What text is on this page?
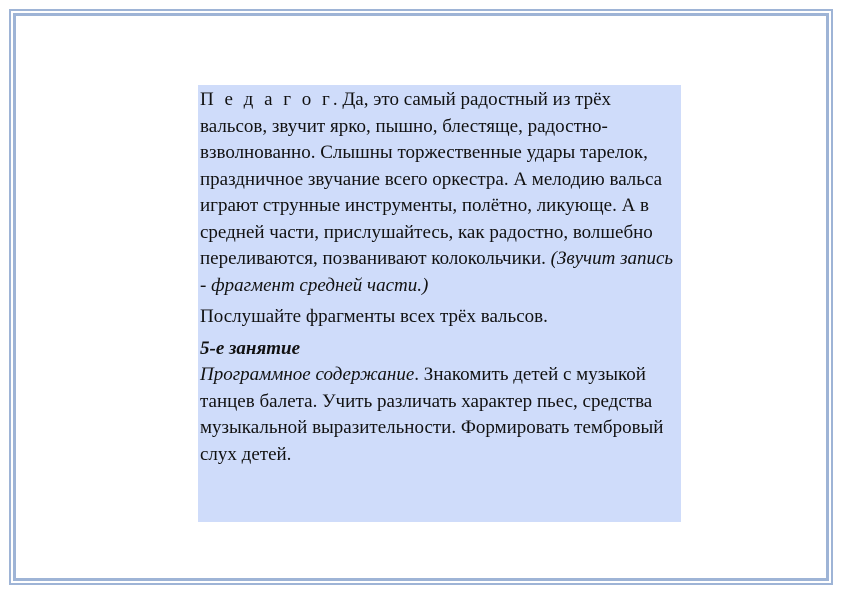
П е д а г о г. Да, это самый радостный из трёх вальсов, звучит ярко, пышно, блестяще, радостно-взволнованно. Слышны торжественные удары тарелок, праздничное звучание всего оркестра. А мелодию вальса играют струнные инструменты, полётно, ликующе. А в средней части, прислушайтесь, как радостно, волшебно переливаются, позванивают колокольчики. (Звучит запись - фрагмент средней части.)

Послушайте фрагменты всех трёх вальсов.

5-е занятие
Программное содержание. Знакомить детей с музыкой танцев балета. Учить различать характер пьес, средства музыкальной выразительности. Формировать тембровый слух детей.
